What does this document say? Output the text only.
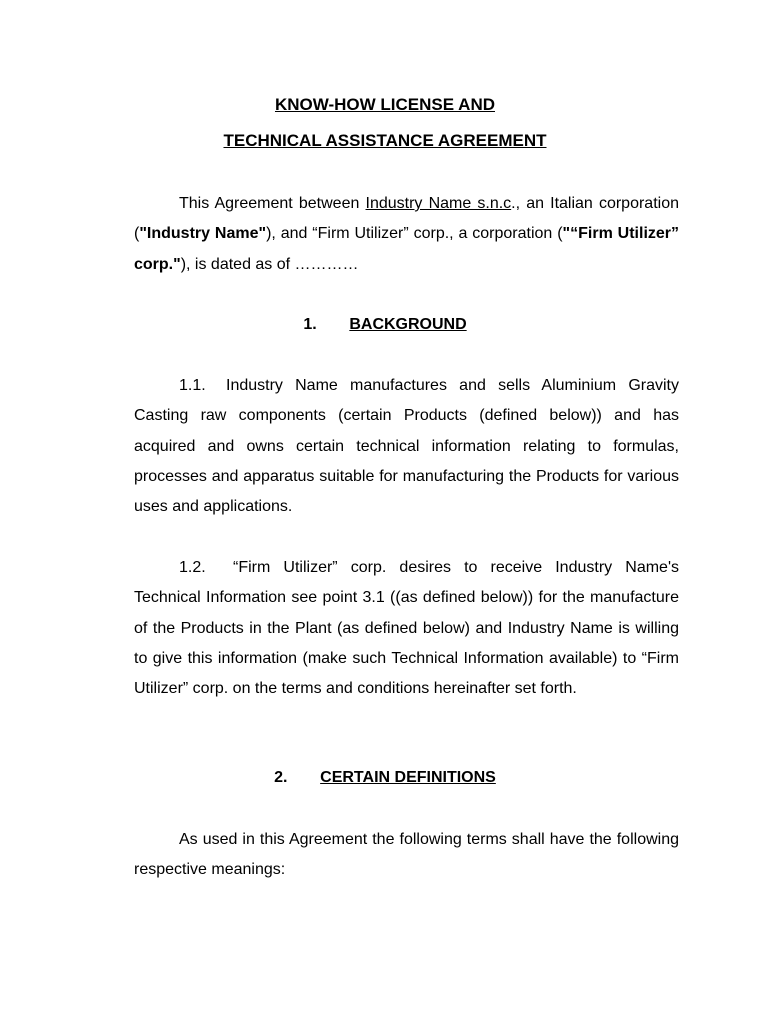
KNOW-HOW LICENSE AND
TECHNICAL ASSISTANCE AGREEMENT

This Agreement between Industry Name s.n.c., an Italian corporation ("Industry Name"), and “Firm Utilizer” corp., a corporation ("“Firm Utilizer” corp."), is dated as of …………

1. BACKGROUND

1.1. Industry Name manufactures and sells Aluminium Gravity Casting raw components (certain Products (defined below)) and has acquired and owns certain technical information relating to formulas, processes and apparatus suitable for manufacturing the Products for various uses and applications.

1.2. “Firm Utilizer” corp. desires to receive Industry Name's Technical Information see point 3.1 ((as defined below)) for the manufacture of the Products in the Plant (as defined below) and Industry Name is willing to give this information (make such Technical Information available) to “Firm Utilizer” corp. on the terms and conditions hereinafter set forth.

2. CERTAIN DEFINITIONS

As used in this Agreement the following terms shall have the following respective meanings:
